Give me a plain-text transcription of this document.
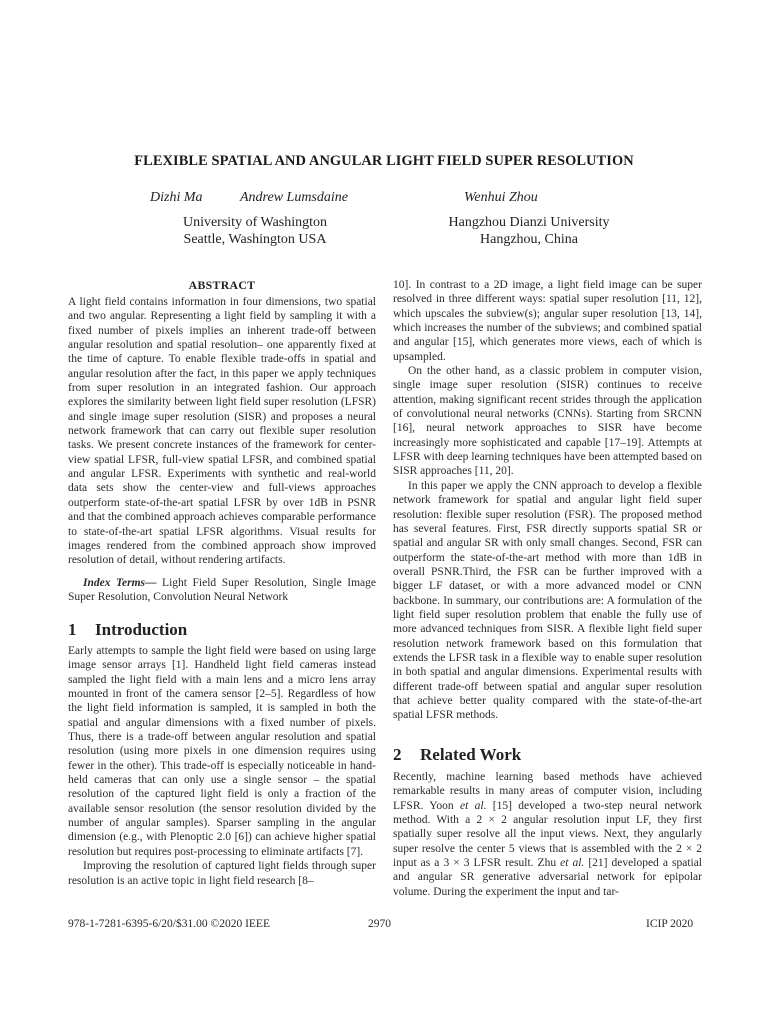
FLEXIBLE SPATIAL AND ANGULAR LIGHT FIELD SUPER RESOLUTION
Dizhi Ma	Andrew Lumsdaine	Wenhui Zhou
University of Washington
Seattle, Washington USA
Hangzhou Dianzi University
Hangzhou, China
ABSTRACT

A light field contains information in four dimensions, two spatial and two angular. Representing a light field by sampling it with a fixed number of pixels implies an inherent trade-off between angular resolution and spatial resolution– one apparently fixed at the time of capture. To enable flexible trade-offs in spatial and angular resolution after the fact, in this paper we apply techniques from super resolution in an integrated fashion. Our approach explores the similarity between light field super resolution (LFSR) and single image super resolution (SISR) and proposes a neural network framework that can carry out flexible super resolution tasks. We present concrete instances of the framework for center-view spatial LFSR, full-view spatial LFSR, and combined spatial and angular LFSR. Experiments with synthetic and real-world data sets show the center-view and full-views approaches outperform state-of-the-art spatial LFSR by over 1dB in PSNR and that the combined approach achieves comparable performance to state-of-the-art spatial LFSR algorithms. Visual results for images rendered from the combined approach show improved resolution of detail, without rendering artifacts.

Index Terms— Light Field Super Resolution, Single Image Super Resolution, Convolution Neural Network

1 Introduction

Early attempts to sample the light field were based on using large image sensor arrays [1]. Handheld light field cameras instead sampled the light field with a main lens and a micro lens array mounted in front of the camera sensor [2–5]. Regardless of how the light field information is sampled, it is sampled in both the spatial and angular dimensions with a fixed number of pixels. Thus, there is a trade-off between angular resolution and spatial resolution (using more pixels in one dimension requires using fewer in the other). This trade-off is especially noticeable in hand-held cameras that can only use a single sensor – the spatial resolution of the captured light field is only a fraction of the available sensor resolution (the sensor resolution divided by the number of angular samples). Sparser sampling in the angular dimension (e.g., with Plenoptic 2.0 [6]) can achieve higher spatial resolution but requires post-processing to eliminate artifacts [7].

Improving the resolution of captured light fields through super resolution is an active topic in light field research [8–

10]. In contrast to a 2D image, a light field image can be super resolved in three different ways: spatial super resolution [11, 12], which upscales the subview(s); angular super resolution [13, 14], which increases the number of the subviews; and combined spatial and angular [15], which generates more views, each of which is upsampled.

On the other hand, as a classic problem in computer vision, single image super resolution (SISR) continues to receive attention, making significant recent strides through the application of convolutional neural networks (CNNs). Starting from SRCNN [16], neural network approaches to SISR have become increasingly more sophisticated and capable [17–19]. Attempts at LFSR with deep learning techniques have been attempted based on SISR approaches [11, 20].

In this paper we apply the CNN approach to develop a flexible network framework for spatial and angular light field super resolution: flexible super resolution (FSR). The proposed method has several features. First, FSR directly supports spatial SR or spatial and angular SR with only small changes. Second, FSR can outperform the state-of-the-art method with more than 1dB in overall PSNR.Third, the FSR can be further improved with a bigger LF dataset, or with a more advanced model or CNN backbone. In summary, our contributions are: A formulation of the light field super resolution problem that enable the fully use of more advanced techniques from SISR. A flexible light field super resolution network framework based on this formulation that extends the LFSR task in a flexible way to enable super resolution in both spatial and angular dimensions. Experimental results with different trade-off between spatial and angular super resolution that achieve better quality compared with the state-of-the-art spatial LFSR methods.

2 Related Work

Recently, machine learning based methods have achieved remarkable results in many areas of computer vision, including LFSR. Yoon et al. [15] developed a two-step neural network method. With a 2 × 2 angular resolution input LF, they first spatially super resolve all the input views. Next, they angularly super resolve the center 5 views that is assembled with the 2 × 2 input as a 3 × 3 LFSR result. Zhu et al. [21] developed a spatial and angular SR generative adversarial network for epipolar volume. During the experiment the input and tar-

978-1-7281-6395-6/20/$31.00 ©2020 IEEE	2970	ICIP 2020
